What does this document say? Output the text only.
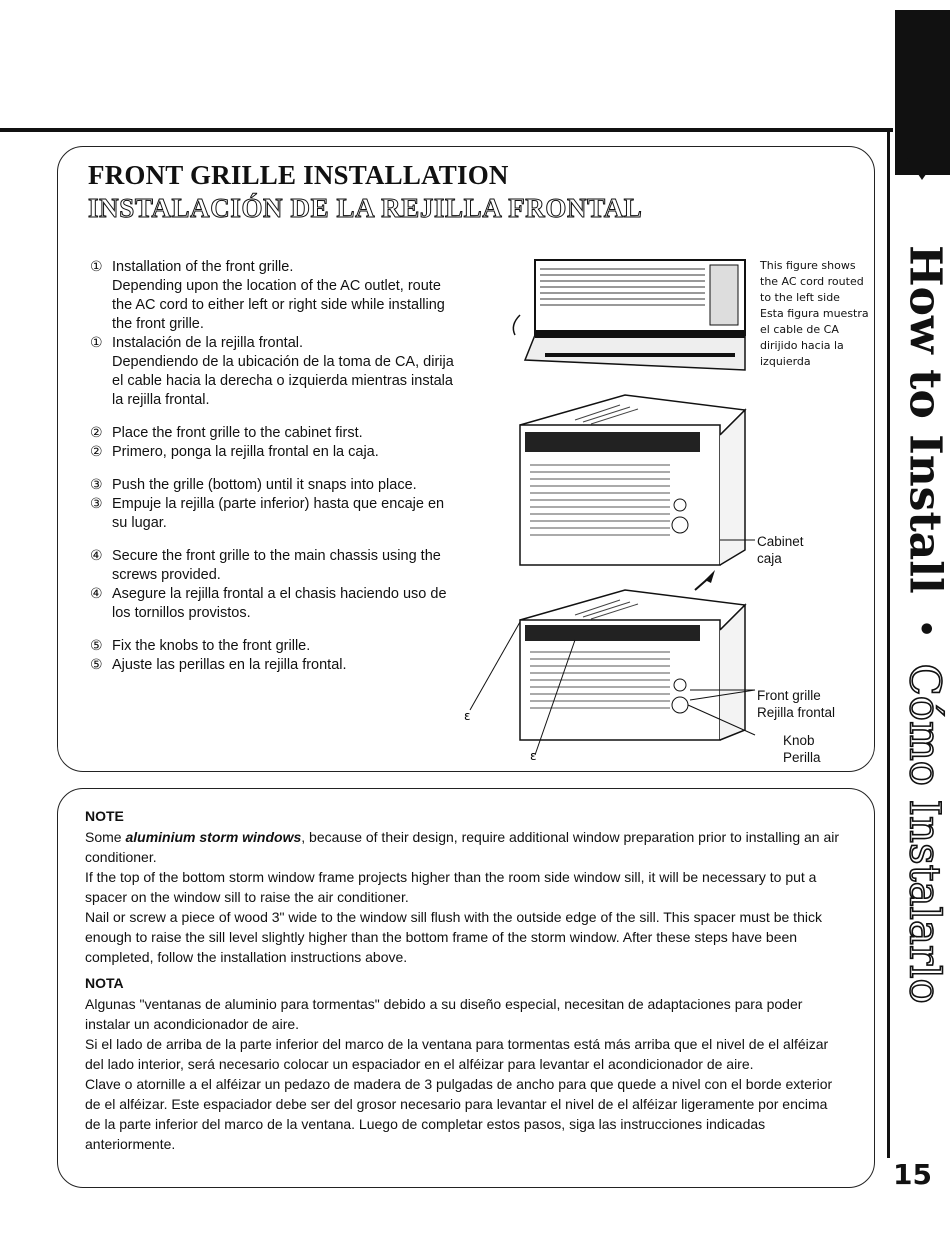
How to Install • Cómo Instalarlo
15
FRONT GRILLE INSTALLATION
INSTALACIÓN DE LA REJILLA FRONTAL
① Installation of the front grille.
Depending upon the location of the AC outlet, route the AC cord to either left or right side while installing the front grille.
① Instalación de la rejilla frontal.
Dependiendo de la ubicación de la toma de CA, dirija el cable hacia la derecha o izquierda mientras instala la rejilla frontal.
② Place the front grille to the cabinet first.
② Primero, ponga la rejilla frontal en la caja.
③ Push the grille (bottom) until it snaps into place.
③ Empuje la rejilla (parte inferior) hasta que encaje en su lugar.
④ Secure the front grille to the main chassis using the screws provided.
④ Asegure la rejilla frontal a el chasis haciendo uso de los tornillos provistos.
⑤ Fix the knobs to the front grille.
⑤ Ajuste las perillas en la rejilla frontal.
This figure shows the AC cord routed to the left side
Esta figura muestra el cable de CA dirijido hacia la izquierda
Cabinet
caja
ε
ε
Front grille
Rejilla frontal
Knob
Perilla
NOTE

Some aluminium storm windows, because of their design, require additional window preparation prior to installing an air conditioner.

If the top of the bottom storm window frame projects higher than the room side window sill, it will be necessary to put a spacer on the window sill to raise the air conditioner.

Nail or screw a piece of wood 3" wide to the window sill flush with the outside edge of the sill. This spacer must be thick enough to raise the sill level slightly higher than the bottom frame of the storm window. After these steps have been completed, follow the installation instructions above.

NOTA

Algunas "ventanas de aluminio para tormentas" debido a su diseño especial, necesitan de adaptaciones para poder instalar un acondicionador de aire.

Si el lado de arriba de la parte inferior del marco de la ventana para tormentas está más arriba que el nivel de el alféizar del lado interior, será necesario colocar un espaciador en el alféizar para levantar el acondicionador de aire.

Clave o atornille a el alféizar un pedazo de madera de 3 pulgadas de ancho para que quede a nivel con el borde exterior de el alféizar. Este espaciador debe ser del grosor necesario para levantar el nivel de el alféizar ligeramente por encima de la parte inferior del marco de la ventana. Luego de completar estos pasos, siga las instrucciones indicadas anteriormente.
